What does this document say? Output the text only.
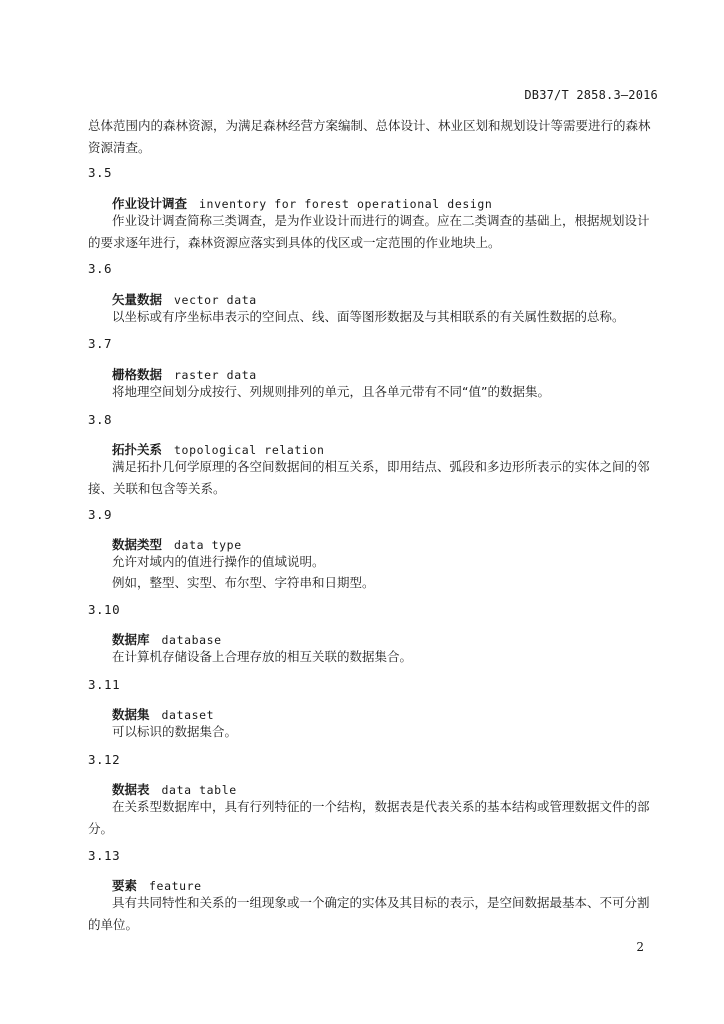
DB37/T 2858.3—2016
总体范围内的森林资源，为满足森林经营方案编制、总体设计、林业区划和规划设计等需要进行的森林资源清查。
3.5
作业设计调查 inventory for forest operational design
作业设计调查简称三类调查，是为作业设计而进行的调查。应在二类调查的基础上，根据规划设计的要求逐年进行，森林资源应落实到具体的伐区或一定范围的作业地块上。
3.6
矢量数据 vector data
以坐标或有序坐标串表示的空间点、线、面等图形数据及与其相联系的有关属性数据的总称。
3.7
栅格数据 raster data
将地理空间划分成按行、列规则排列的单元，且各单元带有不同“值”的数据集。
3.8
拓扑关系 topological relation
满足拓扑几何学原理的各空间数据间的相互关系，即用结点、弧段和多边形所表示的实体之间的邻接、关联和包含等关系。
3.9
数据类型 data type
允许对域内的值进行操作的值域说明。
例如，整型、实型、布尔型、字符串和日期型。
3.10
数据库 database
在计算机存储设备上合理存放的相互关联的数据集合。
3.11
数据集 dataset
可以标识的数据集合。
3.12
数据表 data table
在关系型数据库中，具有行列特征的一个结构，数据表是代表关系的基本结构或管理数据文件的部分。
3.13
要素 feature
具有共同特性和关系的一组现象或一个确定的实体及其目标的表示，是空间数据最基本、不可分割的单位。
2
